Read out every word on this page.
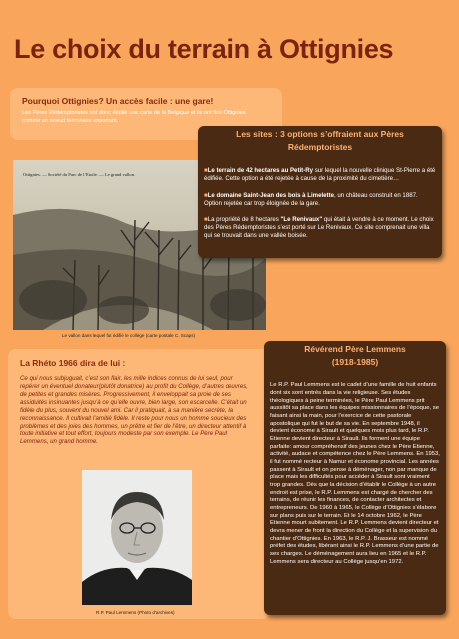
Le choix du terrain à Ottignies
Pourquoi Ottignies? Un accès facile : une gare!

Les Pères Rédemptoristes ont donc déplié une carte de la Belgique et ils ont fixé Ottignies comme un noeud ferroviaire important.

Ottignies. — Société du Parc de l’Etoile. — Le grand vallon.
Le vallon dans lequel fut édifié le collège (carte postale C. Scaps)
Les sites : 3 options s’offraient aux Pères Rédemptoristes

■Le terrain de 42 hectares au Petit-Ry sur lequel la nouvelle clinique St-Pierre a été édifiée. Cette option a été rejetée à cause de la proximité du cimetière…

■Le domaine Saint-Jean des bois à Limelette, un château construit en 1887. Option rejetée car trop éloignée de la gare.

■La propriété de 8 hectares "Le Renivaux" qui était à vendre à ce moment. Le choix des Pères Rédemptoristes s’est porté sur Le Renivaux. Ce site comprenait une villa qui se trouvait dans une vallée boisée.

La Rhéto 1966 dira de lui :

Ce qui nous subjuguait, c’est son flair, les mille indices connus de lui seul, pour repérer un éventuel donateur(plutôt donatrice) au profit du Collège, d’autres œuvres, de petites et grandes misères. Progressivement, il enveloppait sa proie de ses assiduités insinuantes jusqu’à ce qu’elle ouvre, bien large, son escarcelle. C’était un fidèle du plus, souvent du nouvel ami. Car il pratiquait, à sa manière secrète, la reconnaissance. Il cultivait l’amitié fidèle. Il reste pour nous un homme soucieux des problèmes et des joies des hommes, un prêtre et fier de l’être, un directeur attentif à toute initiative et tout effort, toujours modeste par son exemple. Le Père Paul Lemmens, un grand homme.

R.P. Paul Lemmens (Photo d’archives)
Révérend Père Lemmens
(1918-1985)

Le R.P. Paul Lemmens est le cadet d’une famille de huit enfants dont six sont entrés dans la vie religieuse. Ses études théologiques à peine terminées, le Père Paul Lemmens prit aussitôt sa place dans les équipes missionnaires de l’époque, se faisant ainsi la main, pour l’exercice de cette pastorale apostolique qui fut le but de sa vie. En septembre 1948, il devient économe à Sirault et quelques mois plus tard, le R.P. Etienne devient directeur à Sirault. Ils forment une équipe parfaite: amour compréhensif des jeunes chez le Père Etienne, activité, audace et compétence chez le Père Lemmens. En 1953, il fut nommé recteur à Namur et économe provincial. Les années passent à Sirault et on pense à déménager, non par manque de place mais les difficultés pour accéder à Sirault sont vraiment trop grandes. Dès que la décision d’établir le Collège à un autre endroit est prise, le R.P. Lemmens est chargé de chercher des terrains, de réunir les finances, de contacter architectes et entrepreneurs. De 1960 à 1965, le Collège d’Ottignies s’élabore sur plans puis sur le terrain. Et le 14 octobre 1962, le Père Etienne mourt subitement. Le R.P. Lemmens devient directeur et devra mener de front la direction du Collège et la supervision du chantier d’Ottignies. En 1963, le R.P. J. Brasseur est nommé préfet des études, libérant ainsi le R.P. Lemmens d’une partie de ses charges. Le déménagement aura lieu en 1965 et le R.P. Lemmens sera directeur au Collège jusqu’en 1972.
